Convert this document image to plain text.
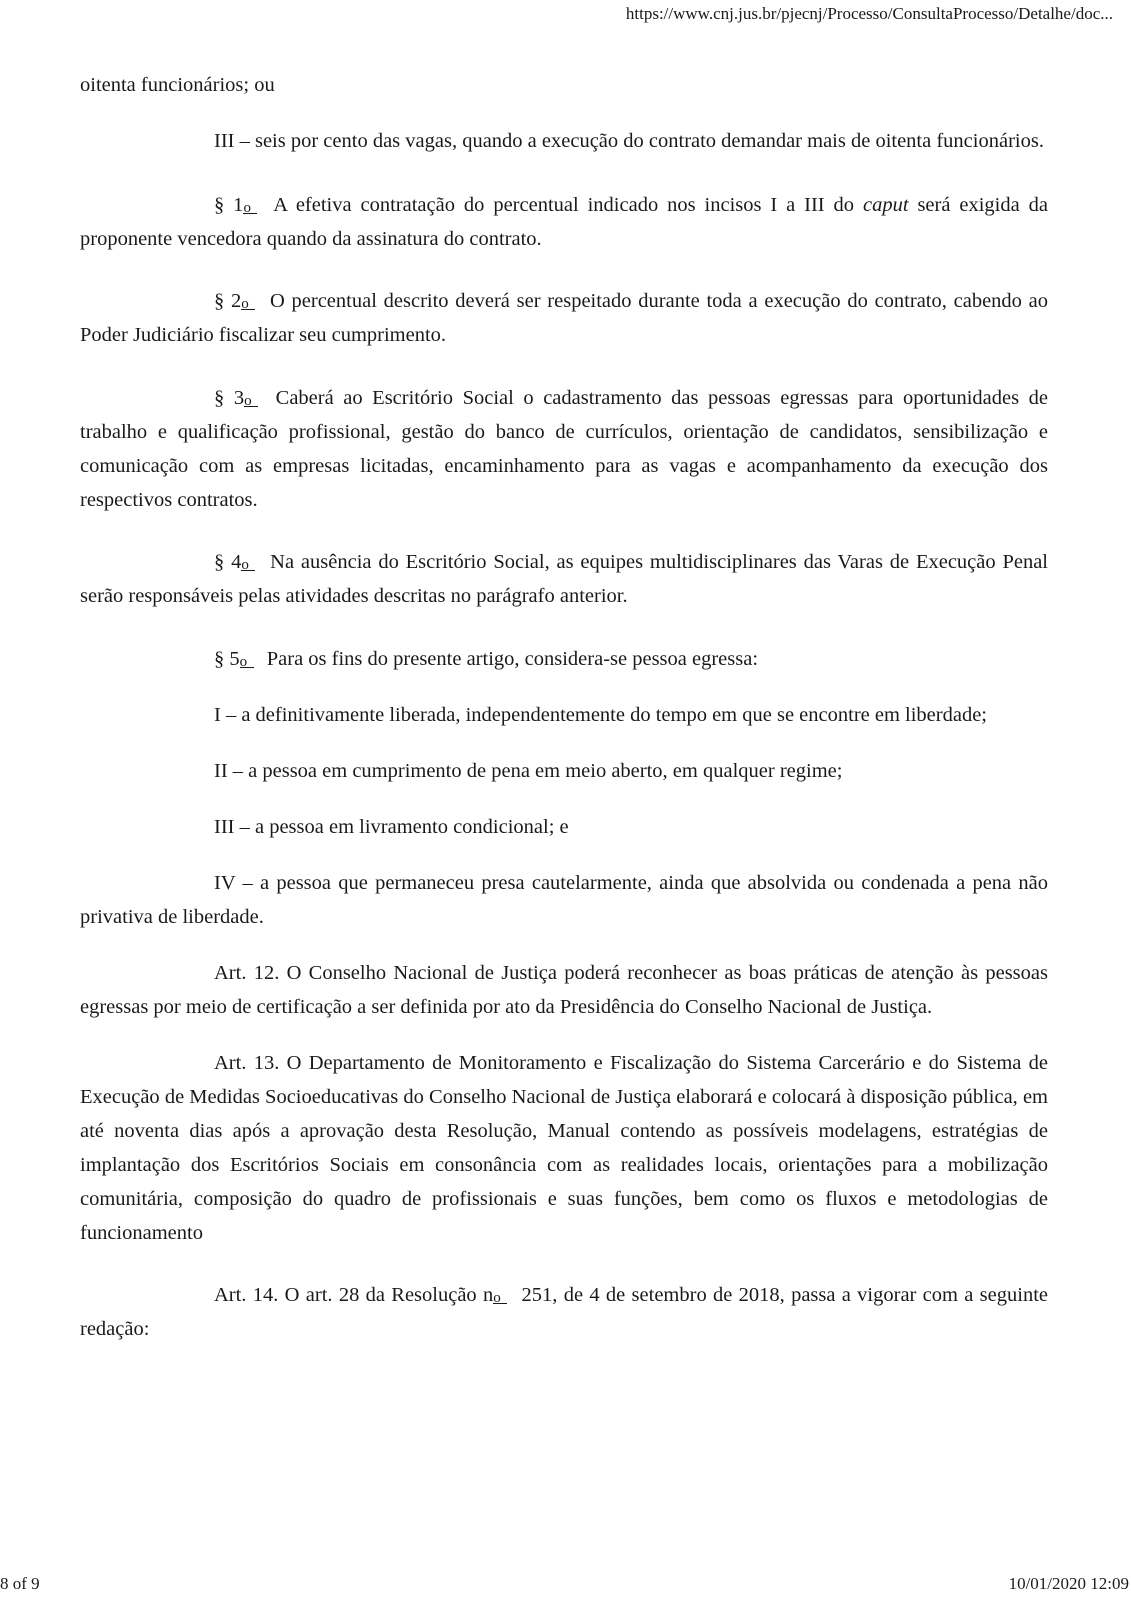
https://www.cnj.jus.br/pjecnj/Processo/ConsultaProcesso/Detalhe/doc...

oitenta funcionários; ou

III – seis por cento das vagas, quando a execução do contrato demandar mais de oitenta funcionários.

§ 1 o A efetiva contratação do percentual indicado nos incisos I a III do caput será exigida da proponente vencedora quando da assinatura do contrato.

§ 2 o O percentual descrito deverá ser respeitado durante toda a execução do contrato, cabendo ao Poder Judiciário fiscalizar seu cumprimento.

§ 3 o Caberá ao Escritório Social o cadastramento das pessoas egressas para oportunidades de trabalho e qualificação profissional, gestão do banco de currículos, orientação de candidatos, sensibilização e comunicação com as empresas licitadas, encaminhamento para as vagas e acompanhamento da execução dos respectivos contratos.

§ 4 o Na ausência do Escritório Social, as equipes multidisciplinares das Varas de Execução Penal serão responsáveis pelas atividades descritas no parágrafo anterior.

§ 5 o Para os fins do presente artigo, considera-se pessoa egressa:

I – a definitivamente liberada, independentemente do tempo em que se encontre em liberdade;

II – a pessoa em cumprimento de pena em meio aberto, em qualquer regime;

III – a pessoa em livramento condicional; e

IV – a pessoa que permaneceu presa cautelarmente, ainda que absolvida ou condenada a pena não privativa de liberdade.

Art. 12. O Conselho Nacional de Justiça poderá reconhecer as boas práticas de atenção às pessoas egressas por meio de certificação a ser definida por ato da Presidência do Conselho Nacional de Justiça.

Art. 13. O Departamento de Monitoramento e Fiscalização do Sistema Carcerário e do Sistema de Execução de Medidas Socioeducativas do Conselho Nacional de Justiça elaborará e colocará à disposição pública, em até noventa dias após a aprovação desta Resolução, Manual contendo as possíveis modelagens, estratégias de implantação dos Escritórios Sociais em consonância com as realidades locais, orientações para a mobilização comunitária, composição do quadro de profissionais e suas funções, bem como os fluxos e metodologias de funcionamento

Art. 14. O art. 28 da Resolução n o 251, de 4 de setembro de 2018, passa a vigorar com a seguinte redação:

8 of 9	10/01/2020 12:09
